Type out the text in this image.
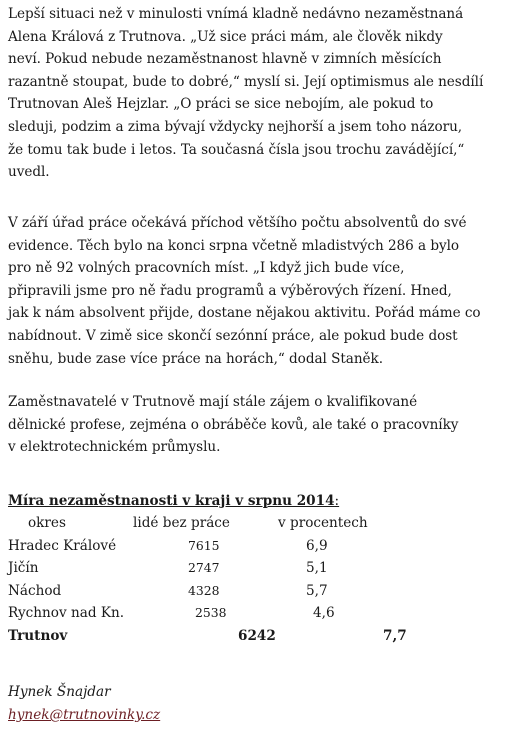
Lepší situaci než v minulosti vnímá kladně nedávno nezaměstnaná
Alena Králová z Trutnova. „Už sice práci mám, ale člověk nikdy
neví. Pokud nebude nezaměstnanost hlavně v zimních měsících
razantně stoupat, bude to dobré,“ myslí si. Její optimismus ale nesdílí
Trutnovan Aleš Hejzlar. „O práci se sice nebojím, ale pokud to
sleduji, podzim a zima bývají vždycky nejhorší a jsem toho názoru,
že tomu tak bude i letos. Ta současná čísla jsou trochu zavádějící,“
uvedl.

V září úřad práce očekává příchod většího počtu absolventů do své
evidence. Těch bylo na konci srpna včetně mladistvých 286 a bylo
pro ně 92 volných pracovních míst. „I když jich bude více,
připravili jsme pro ně řadu programů a výběrových řízení. Hned,
jak k nám absolvent přijde, dostane nějakou aktivitu. Pořád máme co
nabídnout. V zimě sice skončí sezónní práce, ale pokud bude dost
sněhu, bude zase více práce na horách,“ dodal Staněk.

Zaměstnavatelé v Trutnově mají stále zájem o kvalifikované
dělnické profese, zejména o obráběče kovů, ale také o pracovníky
v elektrotechnickém průmyslu.

Míra nezaměstnanosti v kraji v srpnu 2014:
okres	lidé bez práce	v procentech
Hradec Králové	7615	6,9
Jičín	2747	5,1
Náchod	4328	5,7
Rychnov nad Kn.	2538	4,6
Trutnov	6242	7,7
Hynek Šnajdar
hynek@trutnovinky.cz
